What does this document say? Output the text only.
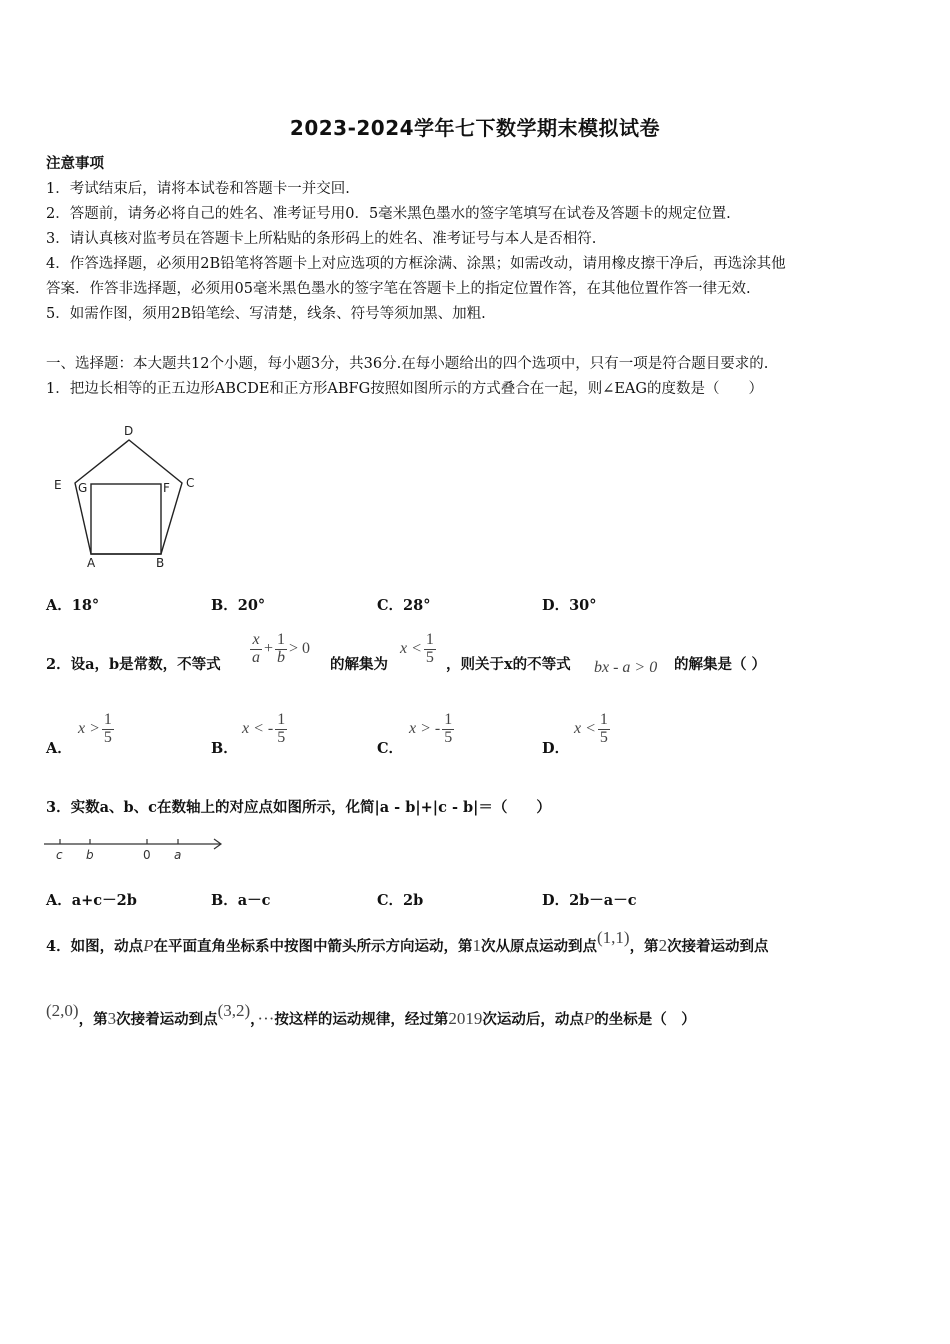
2023-2024学年七下数学期末模拟试卷
注意事项
1．考试结束后，请将本试卷和答题卡一并交回.
2．答题前，请务必将自己的姓名、准考证号用0．5毫米黑色墨水的签字笔填写在试卷及答题卡的规定位置.
3．请认真核对监考员在答题卡上所粘贴的条形码上的姓名、准考证号与本人是否相符.
4．作答选择题，必须用2B铅笔将答题卡上对应选项的方框涂满、涂黑；如需改动，请用橡皮擦干净后，再选涂其他
答案．作答非选择题，必须用05毫米黑色墨水的签字笔在答题卡上的指定位置作答，在其他位置作答一律无效.
5．如需作图，须用2B铅笔绘、写清楚，线条、符号等须加黑、加粗.
一、选择题：本大题共12个小题，每小题3分，共36分.在每小题给出的四个选项中，只有一项是符合题目要求的.
1．把边长相等的正五边形ABCDE和正方形ABFG按照如图所示的方式叠合在一起，则∠EAG的度数是（　　）
D
E G	F C
A	B
A．18°	B．20°	C．28°	D．30°
2．设a，b是常数，不等式 $\frac{x}{a} + \frac{1}{b} > 0$
的解集为
$x < \frac{1}{5}$ ，则关于x的不等式 bx - a > 0 的解集是（ ）
A．
$x > \frac{1}{5}$
B．
x < - $\frac{1}{5}$
C．
x > - $\frac{1}{5}$
D．
$x < \frac{1}{5}$
3．实数a、b、c在数轴上的对应点如图所示，化简|a - b|+|c - b|＝（　　）
c b	0 a
A．a+c－2b	B．a－c	C．2b	D．2b－a－c
4．如图，动点P在平面直角坐标系中按图中箭头所示方向运动，第1次从原点运动到点(1,1)，第2次接着运动到点
(2,0)，第3次接着运动到点(3,2)，···按这样的运动规律，经过第2019次运动后，动点P的坐标是（　）
